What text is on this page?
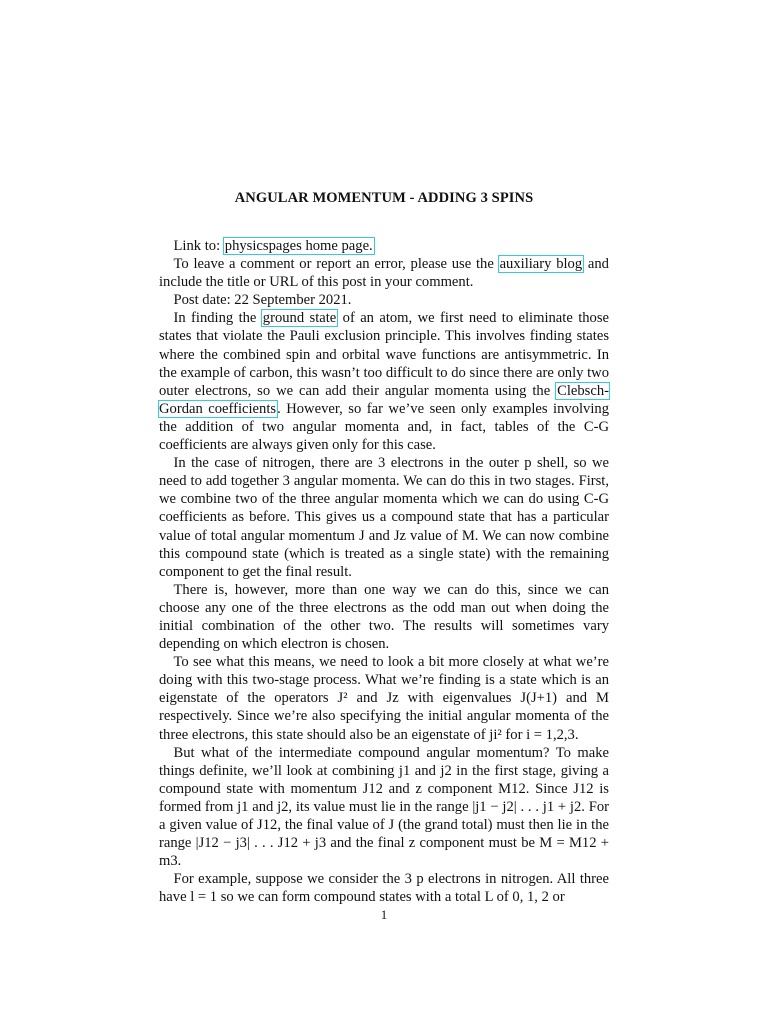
ANGULAR MOMENTUM - ADDING 3 SPINS

Link to: physicspages home page.

To leave a comment or report an error, please use the auxiliary blog and include the title or URL of this post in your comment.

Post date: 22 September 2021.

In finding the ground state of an atom, we first need to eliminate those states that violate the Pauli exclusion principle. This involves finding states where the combined spin and orbital wave functions are antisymmetric. In the example of carbon, this wasn’t too difficult to do since there are only two outer electrons, so we can add their angular momenta using the Clebsch-Gordan coefficients. However, so far we’ve seen only examples involving the addition of two angular momenta and, in fact, tables of the C-G coefficients are always given only for this case.

In the case of nitrogen, there are 3 electrons in the outer p shell, so we need to add together 3 angular momenta. We can do this in two stages. First, we combine two of the three angular momenta which we can do using C-G coefficients as before. This gives us a compound state that has a particular value of total angular momentum J and Jz value of M. We can now combine this compound state (which is treated as a single state) with the remaining component to get the final result.

There is, however, more than one way we can do this, since we can choose any one of the three electrons as the odd man out when doing the initial combination of the other two. The results will sometimes vary depending on which electron is chosen.

To see what this means, we need to look a bit more closely at what we’re doing with this two-stage process. What we’re finding is a state which is an eigenstate of the operators J² and Jz with eigenvalues J(J+1) and M respectively. Since we’re also specifying the initial angular momenta of the three electrons, this state should also be an eigenstate of ji² for i = 1,2,3.

But what of the intermediate compound angular momentum? To make things definite, we’ll look at combining j1 and j2 in the first stage, giving a compound state with momentum J12 and z component M12. Since J12 is formed from j1 and j2, its value must lie in the range |j1 − j2| . . . j1 + j2. For a given value of J12, the final value of J (the grand total) must then lie in the range |J12 − j3| . . . J12 + j3 and the final z component must be M = M12 + m3.

For example, suppose we consider the 3 p electrons in nitrogen. All three have l = 1 so we can form compound states with a total L of 0, 1, 2 or

1
